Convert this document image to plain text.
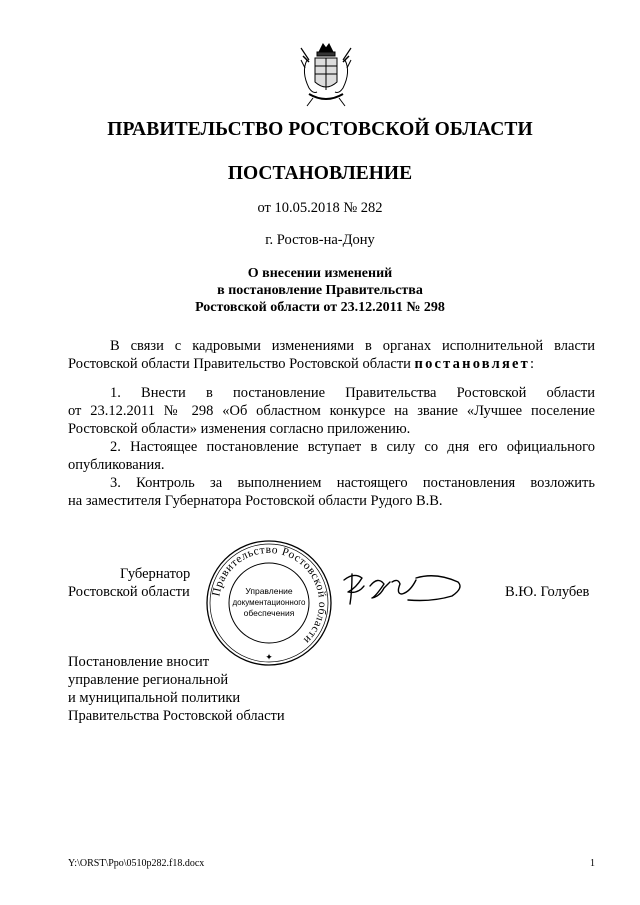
ПРАВИТЕЛЬСТВО РОСТОВСКОЙ ОБЛАСТИ
ПОСТАНОВЛЕНИЕ
от 10.05.2018 № 282
г. Ростов-на-Дону
О внесении изменений
в постановление Правительства
Ростовской области от 23.12.2011 № 298
В связи с кадровыми изменениями в органах исполнительной власти
Ростовской области Правительство Ростовской области постановляет:
1. Внести в постановление Правительства Ростовской области
от 23.12.2011 № 298 «Об областном конкурсе на звание «Лучшее поселение
Ростовской области» изменения согласно приложению.
2. Настоящее постановление вступает в силу со дня его официального
опубликования.
3. Контроль за выполнением настоящего постановления возложить
на заместителя Губернатора Ростовской области Рудого В.В.
Губернатор
Ростовской области Правительство Ростовской области
Управление
документационного
обеспечения
✦
В.Ю. Голубев
Постановление вносит
управление региональной
и муниципальной политики
Правительства Ростовской области
Y:\ORST\Ppo\0510p282.f18.docx	1
